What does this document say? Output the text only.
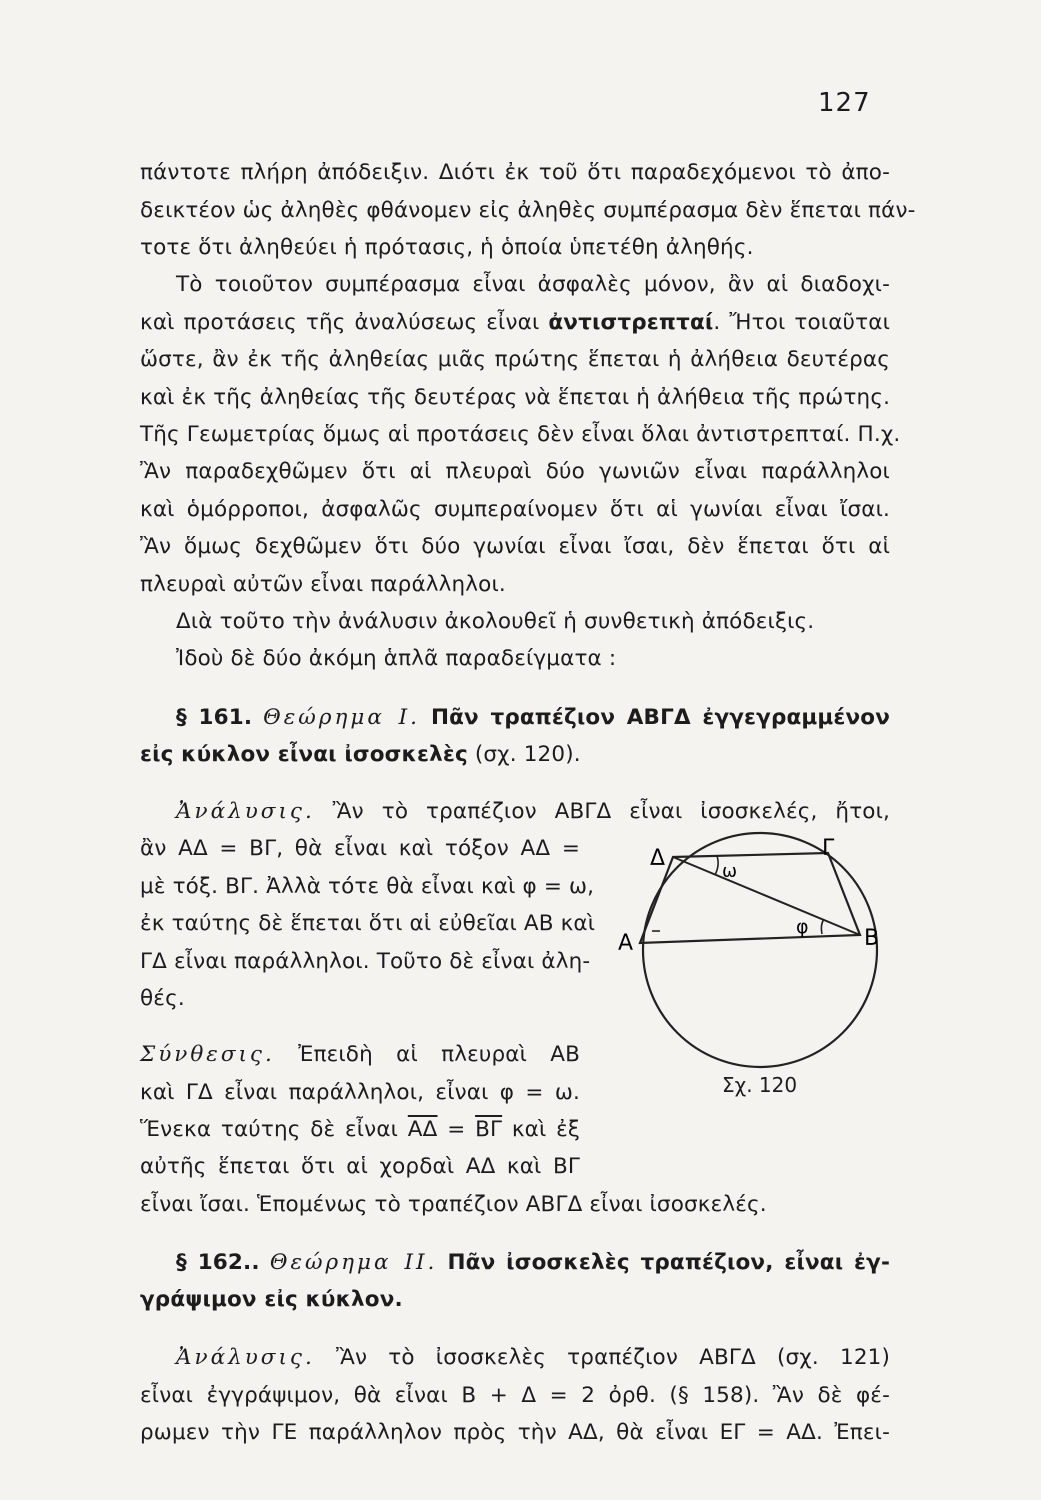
127
πάντοτε πλήρη ἀπόδειξιν. Διότι ἐκ τοῦ ὅτι παραδεχόμενοι τὸ ἀπο-
δεικτέον ὡς ἀληθὲς φθάνομεν εἰς ἀληθὲς συμπέρασμα δὲν ἕπεται πάν-
τοτε ὅτι ἀληθεύει ἡ πρότασις, ἡ ὁποία ὑπετέθη ἀληθής.
Τὸ τοιοῦτον συμπέρασμα εἶναι ἀσφαλὲς μόνον, ἂν αἱ διαδοχι-
καὶ προτάσεις τῆς ἀναλύσεως εἶναι ἀντιστρεπταί. Ἤτοι τοιαῦται
ὥστε, ἂν ἐκ τῆς ἀληθείας μιᾶς πρώτης ἕπεται ἡ ἀλήθεια δευτέρας
καὶ ἐκ τῆς ἀληθείας τῆς δευτέρας νὰ ἕπεται ἡ ἀλήθεια τῆς πρώτης.
Τῆς Γεωμετρίας ὅμως αἱ προτάσεις δὲν εἶναι ὅλαι ἀντιστρεπταί. Π.χ.
Ἂν παραδεχθῶμεν ὅτι αἱ πλευραὶ δύο γωνιῶν εἶναι παράλληλοι
καὶ ὁμόρροποι, ἀσφαλῶς συμπεραίνομεν ὅτι αἱ γωνίαι εἶναι ἴσαι.
Ἂν ὅμως δεχθῶμεν ὅτι δύο γωνίαι εἶναι ἴσαι, δὲν ἕπεται ὅτι αἱ
πλευραὶ αὐτῶν εἶναι παράλληλοι.
Διὰ τοῦτο τὴν ἀνάλυσιν ἀκολουθεῖ ἡ συνθετικὴ ἀπόδειξις.
Ἰδοὺ δὲ δύο ἀκόμη ἁπλᾶ παραδείγματα :
§ 161. Θεώρημα Ι. Πᾶν τραπέζιον ΑΒΓΔ ἐγγεγραμμένον
εἰς κύκλον εἶναι ἰσοσκελὲς (σχ. 120).
Ἀνάλυσις. Ἂν τὸ τραπέζιον ΑΒΓΔ εἶναι ἰσοσκελές, ἤτοι,
ἂν ΑΔ = ΒΓ, θὰ εἶναι καὶ τόξον ΑΔ =
μὲ τόξ. ΒΓ. Ἀλλὰ τότε θὰ εἶναι καὶ φ = ω,
ἐκ ταύτης δὲ ἕπεται ὅτι αἱ εὐθεῖαι ΑΒ καὶ
ΓΔ εἶναι παράλληλοι. Τοῦτο δὲ εἶναι ἀλη-
θές.
Σύνθεσις. Ἐπειδὴ αἱ πλευραὶ ΑΒ
καὶ ΓΔ εἶναι παράλληλοι, εἶναι φ = ω.
Ἕνεκα ταύτης δὲ εἶναι $\overline{A\Delta} = \overline{B\Gamma}$ καὶ ἐξ
αὐτῆς ἕπεται ὅτι αἱ χορδαὶ ΑΔ καὶ ΒΓ
εἶναι ἴσαι. Ἑπομένως τὸ τραπέζιον ΑΒΓΔ εἶναι ἰσοσκελές.
§ 162.. Θεώρημα ΙΙ. Πᾶν ἰσοσκελὲς τραπέζιον, εἶναι ἐγ-
γράψιμον εἰς κύκλον.
Ἀνάλυσις. Ἂν τὸ ἰσοσκελὲς τραπέζιον ΑΒΓΔ (σχ. 121)
εἶναι ἐγγράψιμον, θὰ εἶναι Β + Δ = 2 ὀρθ. (§ 158). Ἂν δὲ φέ-
ρωμεν τὴν ΓΕ παράλληλον πρὸς τὴν ΑΔ, θὰ εἶναι ΕΓ = ΑΔ. Ἐπει-
Δ	Γ
Β
Α
ω
φ
Σχ. 120
